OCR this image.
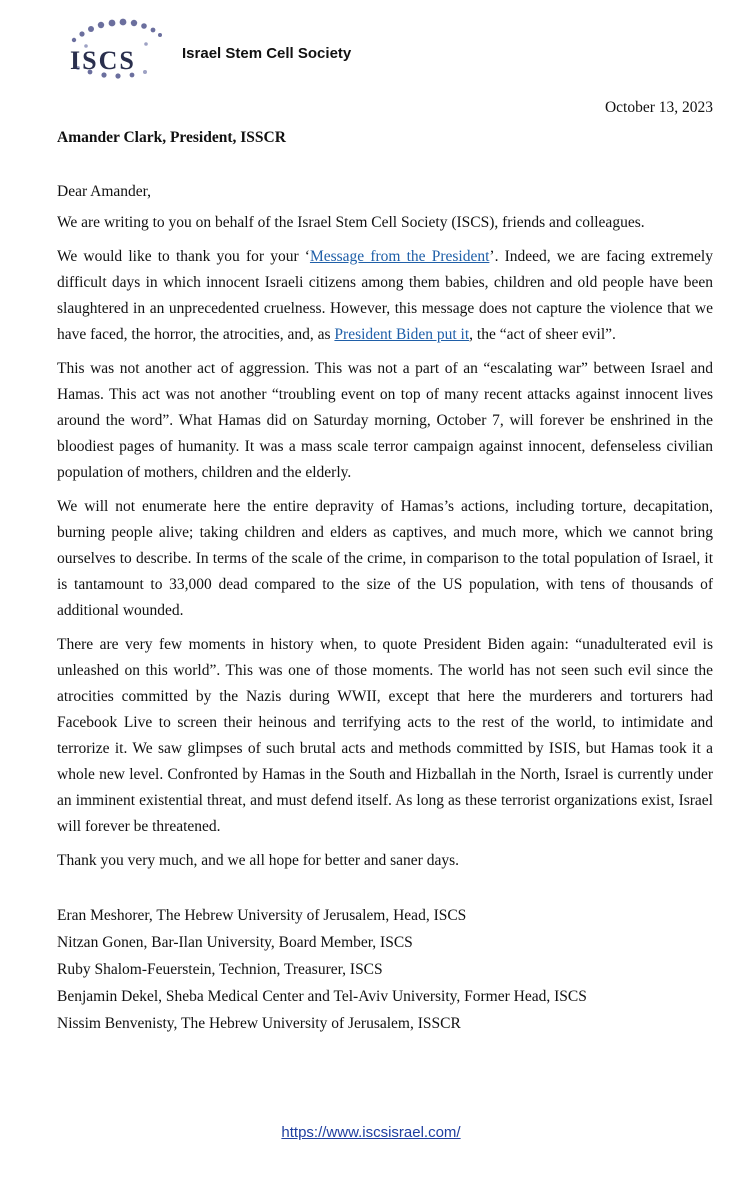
ISCS	Israel Stem Cell Society
October 13, 2023
Amander Clark, President, ISSCR

Dear Amander,

We are writing to you on behalf of the Israel Stem Cell Society (ISCS), friends and colleagues.

We would like to thank you for your ‘Message from the President’. Indeed, we are facing extremely difficult days in which innocent Israeli citizens among them babies, children and old people have been slaughtered in an unprecedented cruelness. However, this message does not capture the violence that we have faced, the horror, the atrocities, and, as President Biden put it, the “act of sheer evil”.

This was not another act of aggression. This was not a part of an “escalating war” between Israel and Hamas. This act was not another “troubling event on top of many recent attacks against innocent lives around the word”. What Hamas did on Saturday morning, October 7, will forever be enshrined in the bloodiest pages of humanity. It was a mass scale terror campaign against innocent, defenseless civilian population of mothers, children and the elderly.

We will not enumerate here the entire depravity of Hamas’s actions, including torture, decapitation, burning people alive; taking children and elders as captives, and much more, which we cannot bring ourselves to describe. In terms of the scale of the crime, in comparison to the total population of Israel, it is tantamount to 33,000 dead compared to the size of the US population, with tens of thousands of additional wounded.

There are very few moments in history when, to quote President Biden again: “unadulterated evil is unleashed on this world”. This was one of those moments. The world has not seen such evil since the atrocities committed by the Nazis during WWII, except that here the murderers and torturers had Facebook Live to screen their heinous and terrifying acts to the rest of the world, to intimidate and terrorize it. We saw glimpses of such brutal acts and methods committed by ISIS, but Hamas took it a whole new level. Confronted by Hamas in the South and Hizballah in the North, Israel is currently under an imminent existential threat, and must defend itself. As long as these terrorist organizations exist, Israel will forever be threatened.

Thank you very much, and we all hope for better and saner days.

Eran Meshorer, The Hebrew University of Jerusalem, Head, ISCS
Nitzan Gonen, Bar-Ilan University, Board Member, ISCS
Ruby Shalom-Feuerstein, Technion, Treasurer, ISCS
Benjamin Dekel, Sheba Medical Center and Tel-Aviv University, Former Head, ISCS
Nissim Benvenisty, The Hebrew University of Jerusalem, ISSCR
https://www.iscsisrael.com/
